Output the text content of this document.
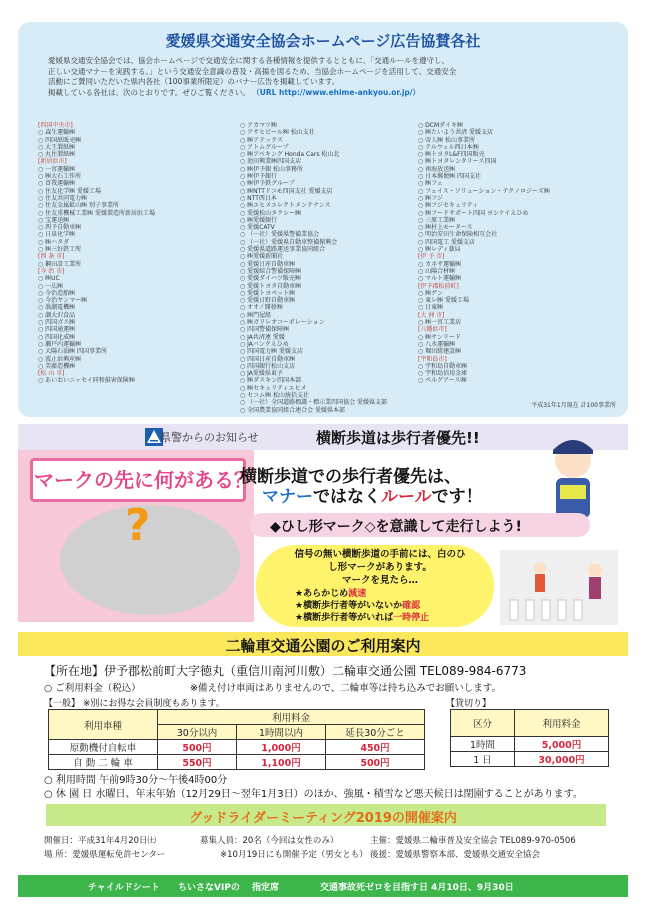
愛媛県交通安全協会ホームページ広告協賛各社
愛媛県交通安全協会では、協会ホームページで交通安全に関する各種情報を提供するとともに、「交通ルールを遵守し、
正しい交通マナーを実践する。」という交通安全意識の普及・高揚を図るため、当協会ホームページを活用して、交通安全
活動にご賛同いただいた県内各社（100事業所限定）のバナー広告を掲載しています。
掲載している各社は、次のとおりです。ぜひご覧ください。 （URL http://www.ehime-ankyou.or.jp/）
[四国中央市]
○ 森生運輸㈱
○ 四国紙販売㈱
○ 大王製紙㈱
○ 丸住製紙㈱
[新居浜市]
○ 一宮運輸㈱
○ ㈱大石工作所
○ 曽我運輸㈱
○ 住友化学㈱ 愛媛工場
○ 住友共同電力㈱
○ 住友金属鉱山㈱ 別子事業所
○ 住友重機械工業㈱ 愛媛製造所新居浜工場
○ 宝運送㈱
○ 西予自動車㈱
○ 日泉化学㈱
○ ㈱ハタダ
○ ㈱三好鉄工所
[西 条 市]
○ 鋼田設工業所
[今 治 市]
○ ㈱UC
○ 一広㈱
○ 今治造船㈱
○ 今治ヤンマー㈱
○ 渦潮電機㈱
○ 潮大沢食品
○ 四国ガス㈱
○ 四国通運㈱
○ 四国化成㈱
○ 瀬戸内運輸㈱
○ 大陽石油㈱ 四国事業所
○ 波止浜興産㈱
○ 美藤造機㈱
[松 山 市]
○ あいおいニッセイ同和損害保険㈱
○ アカマツ㈱
○ アサヒビール㈱ 松山支社
○ ㈱アテックス
○ アトムグループ
○ ㈱アベキング Honda Cars 松山北
○ 池田興業㈱四国支店
○ ㈱伊予銀 松山事務所
○ ㈱伊予銀行
○ ㈱伊予鉄グループ
○ ㈱NTTドコモ四国支社 愛媛支店
○ NTT西日本
○ ㈱エヒメエレクトメンテナンス
○ 愛媛松山タクシー㈱
○ ㈱愛媛銀行
○ 愛媛CATV
○ （一社）愛媛県警備業協会
○ （一社）愛媛県自動車整備振興会
○ 愛媛県道路運送事業協同組合
○ ㈱愛媛新聞社
○ 愛媛日産自動車㈱
○ 愛媛綜合警備保障㈱
○ 愛媛ダイハツ販売㈱
○ 愛媛トヨタ自動車㈱
○ 愛媛トヨペット㈱
○ 愛媛日野自動車㈱
○ オオノ開發㈱
○ ㈱門屋組
○ ㈱ガリレオコーポレーション
○ 四国警備保障㈱
○ JA共済連 愛媛
○ JAバンクえひめ
○ 四国電力㈱ 愛媛支店
○ 四国日産自動車㈱
○ 四国銀行松山支店
○ JA愛媛県東予
○ ㈱ダスキン四国本部
○ ㈱セキュリティエヒメ
○ セコム㈱ 松山統括支社
○ （一社）全国道路標識・標示業四国協会 愛媛県支部
○ 全国農業協同組合連合会 愛媛県本部
○ DCMダイキ㈱
○ ㈱たいよう共済 愛媛支店
○ 帝人㈱ 松山事業所
○ テルウェル西日本㈱
○ ㈱トヨタL&F四国販売
○ ㈱トヨタレンタリース四国
○ 南海放送㈱
○ 日本郵便㈱ 四国支社
○ ㈱フェ
○ フェイス・ソリューション・テクノロジーズ㈱
○ ㈱フジ
○ ㈱フジセキュリティ
○ ㈱フードサポート四国 ヨシケイえひめ
○ 三原工業㈱
○ ㈱村上モータース
○ 明治安田生命保険相互会社
○ 四国電工 愛媛支店
○ ㈱レディ薬局
[伊 予 市]
○ カネサ運輸㈱
○ 山陽合材㈱
○ マルト運輸㈱
[伊予郡松前町]
○ ㈱ゲン
○ 東レ㈱ 愛媛工場
○ 日東㈱
[大 洲 市]
○ ㈱一宮工業店
[八幡浜市]
○ ㈱サンリード
○ 八水運輸㈱
○ 堀田組建設㈱
[宇和島市]
○ 宇和島自動車㈱
○ 宇和島信用金庫
○ ペルグアース㈱
平成31年1月現在 計100事業所
県警からのお知らせ	横断歩道は歩行者優先!!
マークの先に何がある？
?
横断歩道での歩行者優先は、
マナーではなくルールです！
◆ひし形マーク◇を意識して走行しよう!
信号の無い横断歩道の手前には、白のひし形マークがあります。
マークを見たら…
★あらかじめ減速
★横断歩行者等がいないか確認
★横断歩行者等がいれば一時停止
二輪車交通公園のご利用案内
【所在地】伊予郡松前町大字徳丸（重信川南河川敷）二輪車交通公園 TEL089-984-6773
○ ご利用料金（税込）	※備え付け車両はありませんので、二輪車等は持ち込みでお願いします。
【一般】 ※別にお得な会員制度もあります。	【貸切り】
利用車種	利用料金		
	30分以内	1時間以内	延長30分ごと
原動機付自転車	500円	1,000円	450円
自 動 二 輪 車	550円	1,100円	500円
区分	利用料金
1時間	5,000円
1 日	30,000円
○ 利用時間 午前9時30分～午後4時00分
○ 休 園 日 水曜日、年末年始（12月29日～翌年1月3日）のほか、強風・積雪など悪天候日は閉園することがあります。
グッドライダーミーティング2019の開催案内
開催日：平成31年4月20日㈯
場 所：愛媛県運転免許センター
募集人員：20名（今回は女性のみ）
※10月19日にも開催予定（男女とも）
主催：愛媛県二輪車普及安全協会 TEL089-970-0506
後援：愛媛県警察本部、愛媛県交通安全協会
チャイルドシート ちいさなVIPの 指定席	交通事故死ゼロを目指す日 4月10日、9月30日
